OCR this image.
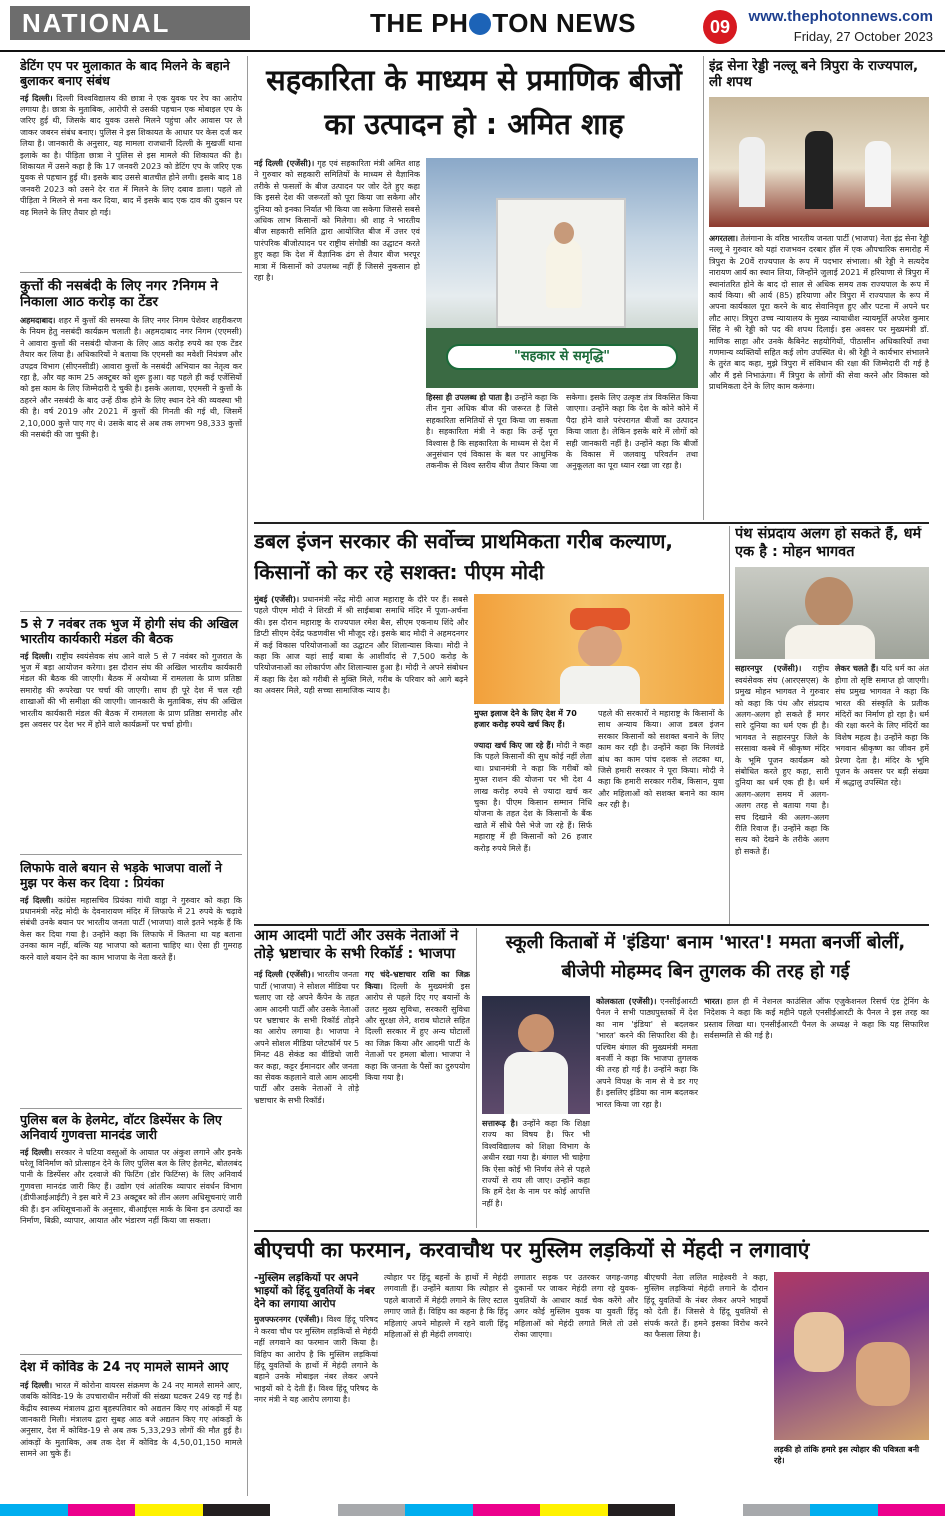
NATIONAL	THE PH TON NEWS	09
www.thephotonnews.com
Friday, 27 October 2023
डेटिंग एप पर मुलाकात के बाद मिलने के बहाने बुलाकर बनाए संबंध
नई दिल्ली। दिल्ली विश्वविद्यालय की छात्रा ने एक युवक पर रेप का आरोप लगाया है। छात्रा के मुताबिक, आरोपी से उसकी पहचान एक मोबाइल एप के जरिए हुई थी, जिसके बाद युवक उससे मिलने पहुंचा और आवास पर ले जाकर जबरन संबंध बनाए। पुलिस ने इस शिकायत के आधार पर केस दर्ज कर लिया है। जानकारी के अनुसार, यह मामला राजधानी दिल्ली के मुखर्जी थाना इलाके का है। पीड़िता छात्रा ने पुलिस से इस मामले की शिकायत की है। शिकायत में उसने कहा है कि 17 जनवरी 2023 को डेटिंग एप के जरिए एक युवक से पहचान हुई थी। इसके बाद उससे बातचीत होने लगी। इसके बाद 18 जनवरी 2023 को उसने देर रात में मिलने के लिए दबाव डाला। पहले तो पीड़िता ने मिलने से मना कर दिया, बाद में इसके बाद एक दाव की दुकान पर वह मिलने के लिए तैयार हो गई।
कुत्तों की नसबंदी के लिए नगर ?निगम ने निकाला आठ करोड़ का टेंडर
अहमदाबाद। शहर में कुत्तों की समस्या के लिए नगर निगम पेशेवर शहरीकरण के नियम हेतु नसबंदी कार्यक्रम चलाती है। अहमदाबाद नगर निगम (एएमसी) ने आवारा कुत्तों की नसबंदी योजना के लिए आठ करोड़ रुपये का एक टेंडर तैयार कर लिया है। अधिकारियों ने बताया कि एएमसी का मवेशी नियंत्रण और उपद्रव विभाग (सीएनसीडी) आवारा कुत्तों के नसबंदी अभियान का नेतृत्व कर रहा है, और वह काम 25 अक्टूबर को शुरू हुआ। वह पहले ही कई एजेंसियों को इस काम के लिए जिम्मेदारी दे चुकी है। इसके अलावा, एएमसी ने कुत्तों के ठहरने और नसबंदी के बाद उन्हें ठीक होने के लिए स्थान देने की व्यवस्था भी की है। वर्ष 2019 और 2021 में कुत्तों की गिनती की गई थी, जिसमें 2,10,000 कुत्ते पाए गए थे। उसके बाद से अब तक लगभग 98,333 कुत्तों की नसबंदी की जा चुकी है।
5 से 7 नवंबर तक भुज में होगी संघ की अखिल भारतीय कार्यकारी मंडल की बैठक
नई दिल्ली। राष्ट्रीय स्वयंसेवक संघ आने वाले 5 से 7 नवंबर को गुजरात के भुज में बड़ा आयोजन करेगा। इस दौरान संघ की अखिल भारतीय कार्यकारी मंडल की बैठक की जाएगी। बैठक में अयोध्या में रामलला के प्राण प्रतिष्ठा समारोह की रूपरेखा पर चर्चा की जाएगी। साथ ही पूरे देश में चल रही शाखाओं की भी समीक्षा की जाएगी। जानकारी के मुताबिक, संघ की अखिल भारतीय कार्यकारी मंडल की बैठक में रामलला के प्राण प्रतिष्ठा समारोह और इस अवसर पर देश भर में होने वाले कार्यक्रमों पर चर्चा होगी।
लिफाफे वाले बयान से भड़के भाजपा वालों ने मुझ पर केस कर दिया : प्रियंका
नई दिल्ली। कांग्रेस महासचिव प्रियंका गांधी वाड्रा ने गुरुवार को कहा कि प्रधानमंत्री नरेंद्र मोदी के देवनारायण मंदिर में लिफाफे में 21 रुपये के चढ़ावे संबंधी उनके बयान पर भारतीय जनता पार्टी (भाजपा) वाले इतने भड़के हैं कि केस कर दिया गया है। उन्होंने कहा कि लिफाफे में कितना था यह बताना उनका काम नहीं, बल्कि यह भाजपा को बताना चाहिए था। ऐसा ही गुमराह करने वाले बयान देने का काम भाजपा के नेता करते हैं।
पुलिस बल के हेलमेट, वॉटर डिस्पेंसर के लिए अनिवार्य गुणवत्ता मानदंड जारी
नई दिल्ली। सरकार ने घटिया वस्तुओं के आयात पर अंकुश लगाने और इनके घरेलू विनिर्माण को प्रोत्साहन देने के लिए पुलिस बल के लिए हेलमेट, बोतलबंद पानी के डिस्पेंसर और दरवाजे की फिटिंग (डोर फिटिंग्स) के लिए अनिवार्य गुणवत्ता मानदंड जारी किए हैं। उद्योग एवं आंतरिक व्यापार संवर्धन विभाग (डीपीआईआईटी) ने इस बारे में 23 अक्टूबर को तीन अलग अधिसूचनाएं जारी की हैं। इन अधिसूचनाओं के अनुसार, बीआईएस मार्क के बिना इन उत्पादों का निर्माण, बिक्री, व्यापार, आयात और भंडारण नहीं किया जा सकता।
देश में कोविड के 24 नए मामले सामने आए
नई दिल्ली। भारत में कोरोना वायरस संक्रमण के 24 नए मामले सामने आए, जबकि कोविड-19 के उपचाराधीन मरीजों की संख्या घटकर 249 रह गई है। केंद्रीय स्वास्थ्य मंत्रालय द्वारा बृहस्पतिवार को अद्यतन किए गए आंकड़ों में यह जानकारी मिली। मंत्रालय द्वारा सुबह आठ बजे अद्यतन किए गए आंकड़ों के अनुसार, देश में कोविड-19 से अब तक 5,33,293 लोगों की मौत हुई है। आंकड़ों के मुताबिक, अब तक देश में कोविड के 4,50,01,150 मामले सामने आ चुके हैं।
सहकारिता के माध्यम से प्रमाणिक बीजों का उत्पादन हो : अमित शाह
नई दिल्ली (एजेंसी)। गृह एवं सहकारिता मंत्री अमित शाह ने गुरुवार को सहकारी समितियों के माध्यम से वैज्ञानिक तरीके से फसलों के बीज उत्पादन पर जोर देते हुए कहा कि इससे देश की जरूरतों को पूरा किया जा सकेगा और दुनिया को इनका निर्यात भी किया जा सकेगा जिससे सबसे अधिक लाभ किसानों को मिलेगा। श्री शाह ने भारतीय बीज सहकारी समिति द्वारा आयोजित बीज में उत्तर एवं पारंपरिक बीजोत्पादन पर राष्ट्रीय संगोष्ठी का उद्घाटन करते हुए कहा कि देश में वैज्ञानिक ढंग से तैयार बीज भरपूर मात्रा में किसानों को उपलब्ध नहीं हैं जिससे नुकसान हो रहा है।
"सहकार से समृद्धि"
हिस्सा ही उपलब्ध हो पाता है। उन्होंने कहा कि तीन गुना अधिक बीज की जरूरत है जिसे सहकारिता समितियों से पूरा किया जा सकता है। सहकारिता मंत्री ने कहा कि उन्हें पूरा विश्वास है कि सहकारिता के माध्यम से देश में अनुसंधान एवं विकास के बल पर आधुनिक तकनीक से विश्व स्तरीय बीज तैयार किया जा सकेगा। इसके लिए उत्कृष्ट तंत्र विकसित किया जाएगा। उन्होंने कहा कि देश के कोने कोने में पैदा होने वाले परंपरागत बीजों का उत्पादन किया जाता है। लेकिन इसके बारे में लोगों को सही जानकारी नहीं है। उन्होंने कहा कि बीजों के विकास में जलवायु परिवर्तन तथा अनुकूलता का पूरा ध्यान रखा जा रहा है।
इंद्र सेना रेड्डी नल्लू बने त्रिपुरा के राज्यपाल, ली शपथ
अगरतला। तेलंगाना के वरिष्ठ भारतीय जनता पार्टी (भाजपा) नेता इंद्र सेना रेड्डी नल्लू ने गुरुवार को यहां राजभवन दरबार हॉल में एक औपचारिक समारोह में त्रिपुरा के 20वें राज्यपाल के रूप में पदभार संभाला। श्री रेड्डी ने सत्यदेव नारायण आर्य का स्थान लिया, जिन्होंने जुलाई 2021 में हरियाणा से त्रिपुरा में स्थानांतरित होने के बाद दो साल से अधिक समय तक राज्यपाल के रूप में कार्य किया। श्री आर्य (85) हरियाणा और त्रिपुरा में राज्यपाल के रूप में अपना कार्यकाल पूरा करने के बाद सेवानिवृत्त हुए और पटना में अपने घर लौट आए। त्रिपुरा उच्च न्यायालय के मुख्य न्यायाधीश न्यायमूर्ति अपरेश कुमार सिंह ने श्री रेड्डी को पद की शपथ दिलाई। इस अवसर पर मुख्यमंत्री डॉ. माणिक साहा और उनके कैबिनेट सहयोगियों, पीठासीन अधिकारियों तथा गणमान्य व्यक्तियों सहित कई लोग उपस्थित थे। श्री रेड्डी ने कार्यभार संभालने के तुरंत बाद कहा, मुझे त्रिपुरा में संविधान की रक्षा की जिम्मेदारी दी गई है और मैं इसे निभाऊंगा। मैं त्रिपुरा के लोगों की सेवा करने और विकास को प्राथमिकता देने के लिए काम करूंगा।
डबल इंजन सरकार की सर्वोच्च प्राथमिकता गरीब कल्याण, किसानों को कर रहे सशक्त: पीएम मोदी
मुंबई (एजेंसी)। प्रधानमंत्री नरेंद्र मोदी आज महाराष्ट्र के दौरे पर हैं। सबसे पहले पीएम मोदी ने शिरडी में श्री साईबाबा समाधि मंदिर में पूजा-अर्चना की। इस दौरान महाराष्ट्र के राज्यपाल रमेश बैस, सीएम एकनाथ शिंदे और डिप्टी सीएम देवेंद्र फडणवीस भी मौजूद रहे। इसके बाद मोदी ने अहमदनगर में कई विकास परियोजनाओं का उद्घाटन और शिलान्यास किया। मोदी ने कहा कि आज यहां साईं बाबा के आशीर्वाद से 7,500 करोड़ के परियोजनाओं का लोकार्पण और शिलान्यास हुआ है। मोदी ने अपने संबोधन में कहा कि देश को गरीबी से मुक्ति मिले, गरीब के परिवार को आगे बढ़ने का अवसर मिले, यही सच्चा सामाजिक न्याय है।
मुफ्त इलाज देने के लिए देश में 70 हजार करोड़ रुपये खर्च किए हैं।
ज्यादा खर्च किए जा रहे हैं। मोदी ने कहा कि पहले किसानों की सुध कोई नहीं लेता था। प्रधानमंत्री ने कहा कि गरीबों को मुफ्त राशन की योजना पर भी देश 4 लाख करोड़ रुपये से ज्यादा खर्च कर चुका है। पीएम किसान सम्मान निधि योजना के तहत देश के किसानों के बैंक खाते में सीधे पैसे भेजे जा रहे हैं। सिर्फ महाराष्ट्र में ही किसानों को 26 हजार करोड़ रुपये मिले हैं।
पहले की सरकारों ने महाराष्ट्र के किसानों के साथ अन्याय किया। आज डबल इंजन सरकार किसानों को सशक्त बनाने के लिए काम कर रही है। उन्होंने कहा कि निलवंडे बांध का काम पांच दशक से लटका था, जिसे हमारी सरकार ने पूरा किया। मोदी ने कहा कि हमारी सरकार गरीब, किसान, युवा और महिलाओं को सशक्त बनाने का काम कर रही है।
पंथ संप्रदाय अलग हो सकते हैं, धर्म एक है : मोहन भागवत
सहारनपुर (एजेंसी)। राष्ट्रीय स्वयंसेवक संघ (आरएसएस) के प्रमुख मोहन भागवत ने गुरुवार को कहा कि पंथ और संप्रदाय अलग-अलग हो सकते हैं मगर सारे दुनिया का धर्म एक ही है। भागवत ने सहारनपुर जिले के सरसावा कस्बे में श्रीकृष्ण मंदिर के भूमि पूजन कार्यक्रम को संबोधित करते हुए कहा, सारी दुनिया का धर्म एक ही है। धर्म अलग-अलग समय में अलग-अलग तरह से बताया गया है। सच दिखाने की अलग-अलग रीति रिवाज हैं। उन्होंने कहा कि सत्य को देखने के तरीके अलग हो सकते हैं।
लेकर चलते हैं। यदि धर्म का अंत होगा तो सृष्टि समाप्त हो जाएगी। संघ प्रमुख भागवत ने कहा कि भारत की संस्कृति के प्रतीक मंदिरों का निर्माण हो रहा है। धर्म की रक्षा करने के लिए मंदिरों का विशेष महत्व है। उन्होंने कहा कि भगवान श्रीकृष्ण का जीवन हमें प्रेरणा देता है। मंदिर के भूमि पूजन के अवसर पर बड़ी संख्या में श्रद्धालु उपस्थित रहे।
आम आदमी पार्टी और उसके नेताओं ने तोड़े भ्रष्टाचार के सभी रिकॉर्ड : भाजपा
नई दिल्ली (एजेंसी)। भारतीय जनता पार्टी (भाजपा) ने सोशल मीडिया पर चलाए जा रहे अपने कैंपेन के तहत आम आदमी पार्टी और उसके नेताओं पर भ्रष्टाचार के सभी रिकॉर्ड तोड़ने का आरोप लगाया है। भाजपा ने अपने सोशल मीडिया प्लेटफॉर्म पर 5 मिनट 48 सेकंड का वीडियो जारी कर कहा, कट्टर ईमानदार और जनता का सेवक कहलाने वाले आम आदमी पार्टी और उसके नेताओं ने तोड़े भ्रष्टाचार के सभी रिकॉर्ड।
गए चंदे-भ्रष्टाचार राशि का जिक्र किया। दिल्ली के मुख्यमंत्री इस आरोप से पहले दिए गए बयानों के उलट मुख्य सुविधा, सरकारी सुविधा और सुरक्षा लेने, शराब घोटाले सहित दिल्ली सरकार में हुए अन्य घोटालों का जिक्र किया और आदमी पार्टी के नेताओं पर हमला बोला। भाजपा ने कहा कि जनता के पैसों का दुरुपयोग किया गया है।
स्कूली किताबों में 'इंडिया' बनाम 'भारत'! ममता बनर्जी बोलीं, बीजेपी मोहम्मद बिन तुगलक की तरह हो गई
कोलकाता (एजेंसी)। एनसीईआरटी पैनल ने सभी पाठ्यपुस्तकों में देश का नाम 'इंडिया' से बदलकर 'भारत' करने की सिफारिश की है। पश्चिम बंगाल की मुख्यमंत्री ममता बनर्जी ने कहा कि भाजपा तुगलक की तरह हो गई है। उन्होंने कहा कि अपने विपक्ष के नाम से वे डर गए हैं। इसलिए इंडिया का नाम बदलकर भारत किया जा रहा है।
सत्तारूढ़ है। उन्होंने कहा कि शिक्षा राज्य का विषय है। फिर भी विश्वविद्यालय को शिक्षा विभाग के अधीन रखा गया है। बंगाल भी चाहेगा कि ऐसा कोई भी निर्णय लेने से पहले राज्यों से राय ली जाए। उन्होंने कहा कि हमें देश के नाम पर कोई आपत्ति नहीं है।
भारत। हाल ही में नेशनल काउंसिल ऑफ एजुकेशनल रिसर्च एंड ट्रेनिंग के निदेशक ने कहा कि कई महीने पहले एनसीईआरटी के पैनल ने इस तरह का प्रस्ताव लिखा था। एनसीईआरटी पैनल के अध्यक्ष ने कहा कि यह सिफारिश सर्वसम्मति से की गई है।
बीएचपी का फरमान, करवाचौथ पर मुस्लिम लड़कियों से मेंहदी न लगावाएं
-मुस्लिम लड़कियों पर अपने भाइयों को हिंदू युवतियों के नंबर देने का लगाया आरोप
मुजफ्फरनगर (एजेंसी)। विश्व हिंदू परिषद ने करवा चौथ पर मुस्लिम लड़कियों से मेहंदी नहीं लगवाने का फरमान जारी किया है। विहिप का आरोप है कि मुस्लिम लड़कियां हिंदू युवतियों के हाथों में मेहंदी लगाने के बहाने उनके मोबाइल नंबर लेकर अपने भाइयों को दे देती हैं। विश्व हिंदू परिषद के नगर मंत्री ने यह आरोप लगाया है।
त्योहार पर हिंदू बहनों के हाथों में मेहंदी लगवाती हैं। उन्होंने बताया कि त्योहार से पहले बाजारों में मेहंदी लगाने के लिए स्टाल लगाए जाते हैं। विहिप का कहना है कि हिंदू महिलाएं अपने मोहल्ले में रहने वाली हिंदू महिलाओं से ही मेहंदी लगवाएं।
लगातार सड़क पर उतरकर जगह-जगह दुकानों पर जाकर मेहंदी लगा रहे युवक-युवतियों के आधार कार्ड चेक करेंगे और अगर कोई मुस्लिम युवक या युवती हिंदू महिलाओं को मेहंदी लगाते मिले तो उसे रोका जाएगा।
बीएचपी नेता ललित माहेश्वरी ने कहा, मुस्लिम लड़कियां मेहंदी लगाने के दौरान हिंदू युवतियों के नंबर लेकर अपने भाइयों को देती हैं। जिससे वे हिंदू युवतियों से संपर्क करते हैं। हमने इसका विरोध करने का फैसला लिया है।
लड़की हो तांकि हमारे इस त्योहार की पवित्रता बनी रहे।
